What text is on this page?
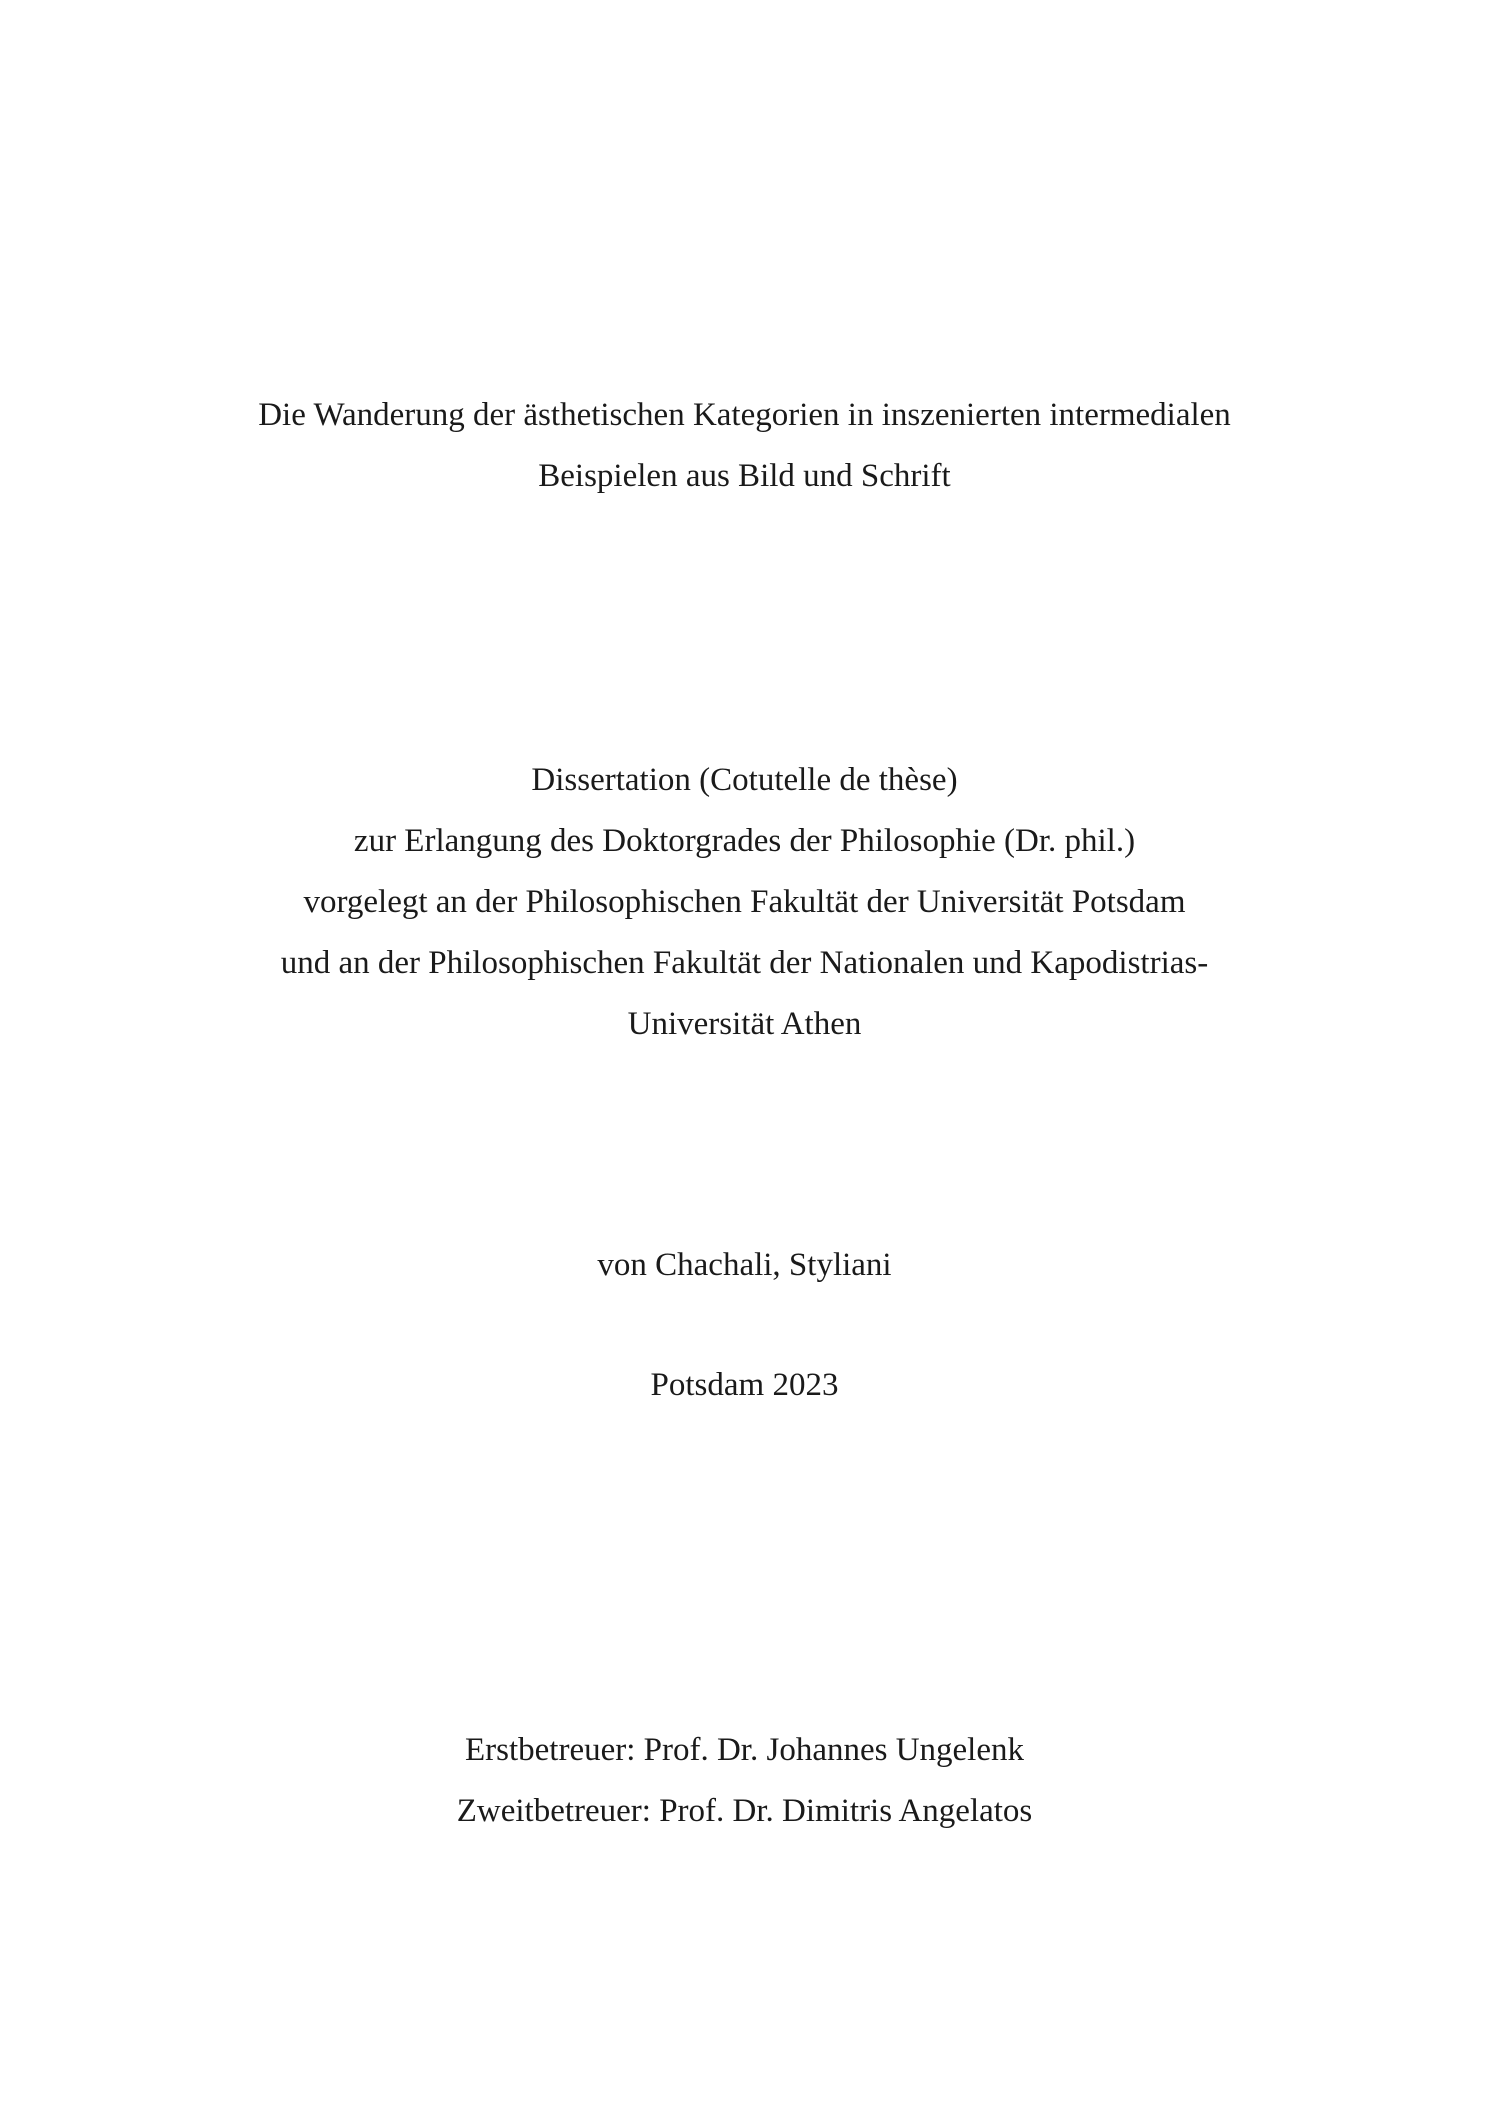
Die Wanderung der ästhetischen Kategorien in inszenierten intermedialen
Beispielen aus Bild und Schrift
Dissertation (Cotutelle de thèse)
zur Erlangung des Doktorgrades der Philosophie (Dr. phil.)
vorgelegt an der Philosophischen Fakultät der Universität Potsdam
und an der Philosophischen Fakultät der Nationalen und Kapodistrias-
Universität Athen
von Chachali, Styliani
Potsdam 2023
Erstbetreuer: Prof. Dr. Johannes Ungelenk
Zweitbetreuer: Prof. Dr. Dimitris Angelatos
